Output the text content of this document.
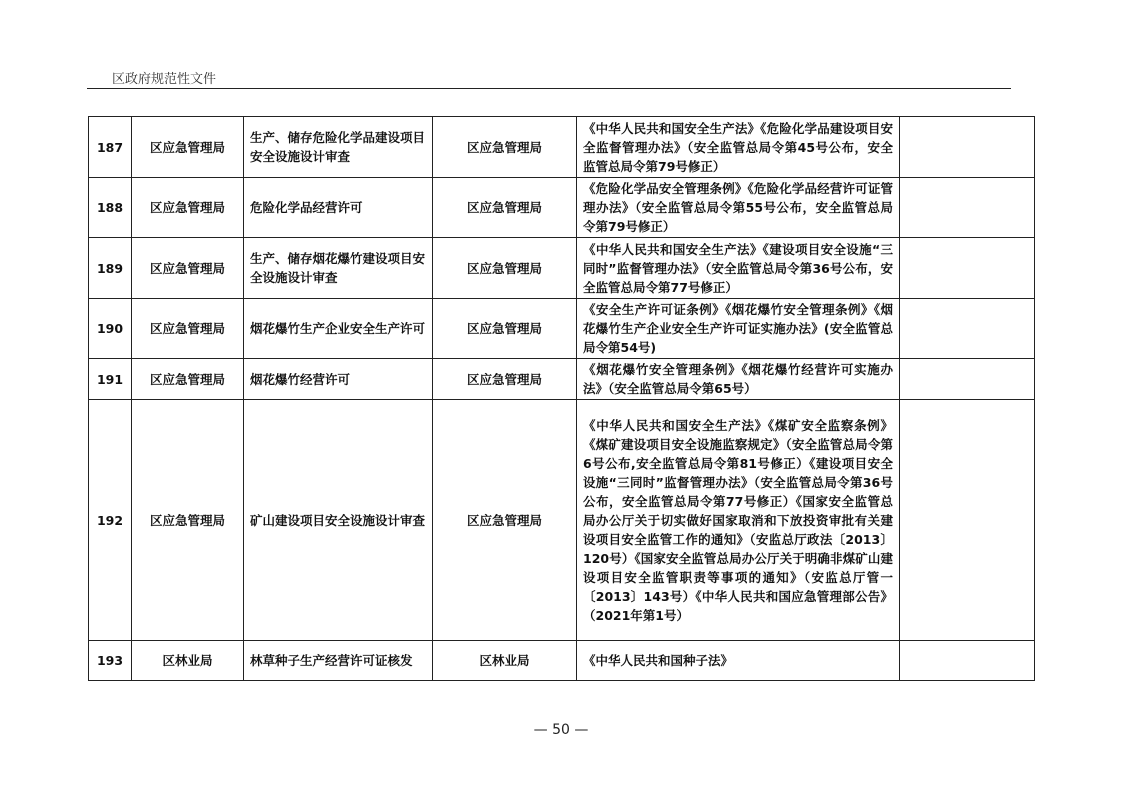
区政府规范性文件
187	区应急管理局	生产、储存危险化学品建设项目安全设施设计审查	区应急管理局	《中华人民共和国安全生产法》《危险化学品建设项目安全监督管理办法》（安全监管总局令第45号公布，安全监管总局令第79号修正）	
188	区应急管理局	危险化学品经营许可	区应急管理局	《危险化学品安全管理条例》《危险化学品经营许可证管理办法》（安全监管总局令第55号公布，安全监管总局令第79号修正）	
189	区应急管理局	生产、储存烟花爆竹建设项目安全设施设计审查	区应急管理局	《中华人民共和国安全生产法》《建设项目安全设施“三同时”监督管理办法》（安全监管总局令第36号公布，安全监管总局令第77号修正）	
190	区应急管理局	烟花爆竹生产企业安全生产许可	区应急管理局	《安全生产许可证条例》《烟花爆竹安全管理条例》《烟花爆竹生产企业安全生产许可证实施办法》(安全监管总局令第54号)	
191	区应急管理局	烟花爆竹经营许可	区应急管理局	《烟花爆竹安全管理条例》《烟花爆竹经营许可实施办法》（安全监管总局令第65号）	
192	区应急管理局	矿山建设项目安全设施设计审查	区应急管理局	《中华人民共和国安全生产法》《煤矿安全监察条例》《煤矿建设项目安全设施监察规定》（安全监管总局令第6号公布,安全监管总局令第81号修正）《建设项目安全设施“三同时”监督管理办法》（安全监管总局令第36号公布，安全监管总局令第77号修正）《国家安全监管总局办公厅关于切实做好国家取消和下放投资审批有关建设项目安全监管工作的通知》（安监总厅政法〔2013〕120号）《国家安全监管总局办公厅关于明确非煤矿山建设项目安全监管职责等事项的通知》（安监总厅管一〔2013〕143号）《中华人民共和国应急管理部公告》（2021年第1号）	
193	区林业局	林草种子生产经营许可证核发	区林业局	《中华人民共和国种子法》	
— 50 —
